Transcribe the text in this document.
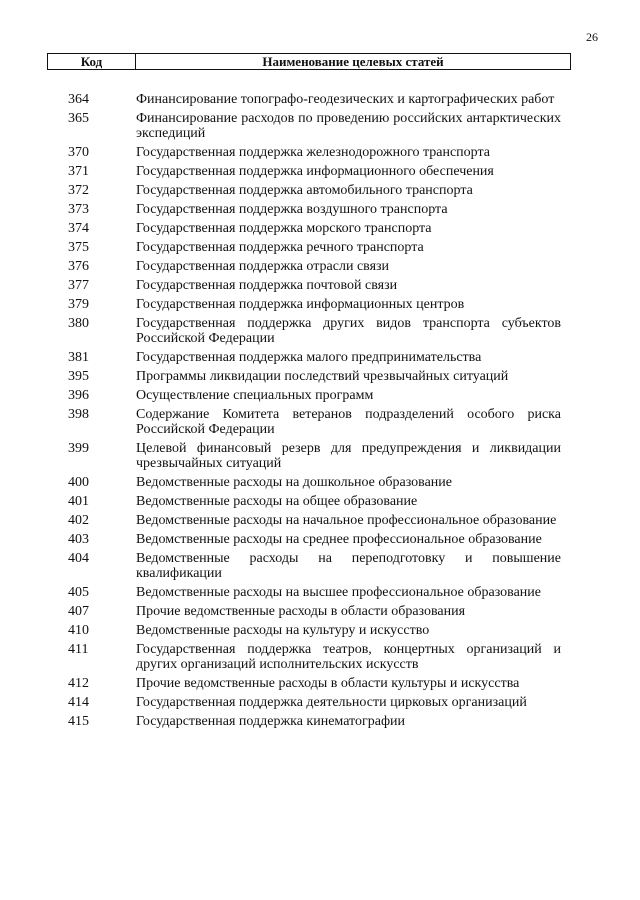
26
Код	Наименование целевых статей
364	Финансирование топографо-геодезических и картографических работ
365	Финансирование расходов по проведению российских антарктических экспедиций
370	Государственная поддержка железнодорожного транспорта
371	Государственная поддержка информационного обеспечения
372	Государственная поддержка автомобильного транспорта
373	Государственная поддержка воздушного транспорта
374	Государственная поддержка морского транспорта
375	Государственная поддержка речного транспорта
376	Государственная поддержка отрасли связи
377	Государственная поддержка почтовой связи
379	Государственная поддержка информационных центров
380	Государственная поддержка других видов транспорта субъектов Российской Федерации
381	Государственная поддержка малого предпринимательства
395	Программы ликвидации последствий чрезвычайных ситуаций
396	Осуществление специальных программ
398	Содержание Комитета ветеранов подразделений особого риска Российской Федерации
399	Целевой финансовый резерв для предупреждения и ликвидации чрезвычайных ситуаций
400	Ведомственные расходы на дошкольное образование
401	Ведомственные расходы на общее образование
402	Ведомственные расходы на начальное профессиональное образование
403	Ведомственные расходы на среднее профессиональное образование
404	Ведомственные расходы на переподготовку и повышение квалификации
405	Ведомственные расходы на высшее профессиональное образование
407	Прочие ведомственные расходы в области образования
410	Ведомственные расходы на культуру и искусство
411	Государственная поддержка театров, концертных организаций и других организаций исполнительских искусств
412	Прочие ведомственные расходы в области культуры и искусства
414	Государственная поддержка деятельности цирковых организаций
415	Государственная поддержка кинематографии
